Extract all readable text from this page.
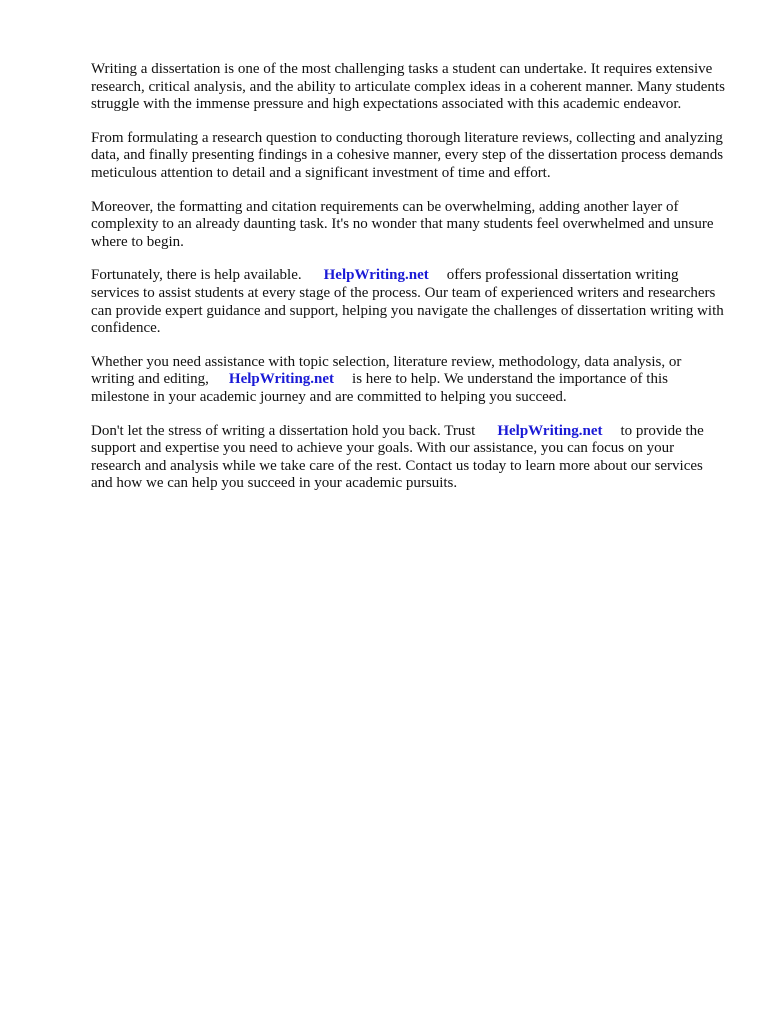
Writing a dissertation is one of the most challenging tasks a student can undertake. It requires extensive research, critical analysis, and the ability to articulate complex ideas in a coherent manner. Many students struggle with the immense pressure and high expectations associated with this academic endeavor.

From formulating a research question to conducting thorough literature reviews, collecting and analyzing data, and finally presenting findings in a cohesive manner, every step of the dissertation process demands meticulous attention to detail and a significant investment of time and effort.

Moreover, the formatting and citation requirements can be overwhelming, adding another layer of complexity to an already daunting task. It's no wonder that many students feel overwhelmed and unsure where to begin.

Fortunately, there is help available. HelpWriting.net offers professional dissertation writing services to assist students at every stage of the process. Our team of experienced writers and researchers can provide expert guidance and support, helping you navigate the challenges of dissertation writing with confidence.

Whether you need assistance with topic selection, literature review, methodology, data analysis, or writing and editing, HelpWriting.net is here to help. We understand the importance of this milestone in your academic journey and are committed to helping you succeed.

Don't let the stress of writing a dissertation hold you back. Trust HelpWriting.net to provide the support and expertise you need to achieve your goals. With our assistance, you can focus on your research and analysis while we take care of the rest. Contact us today to learn more about our services and how we can help you succeed in your academic pursuits.
